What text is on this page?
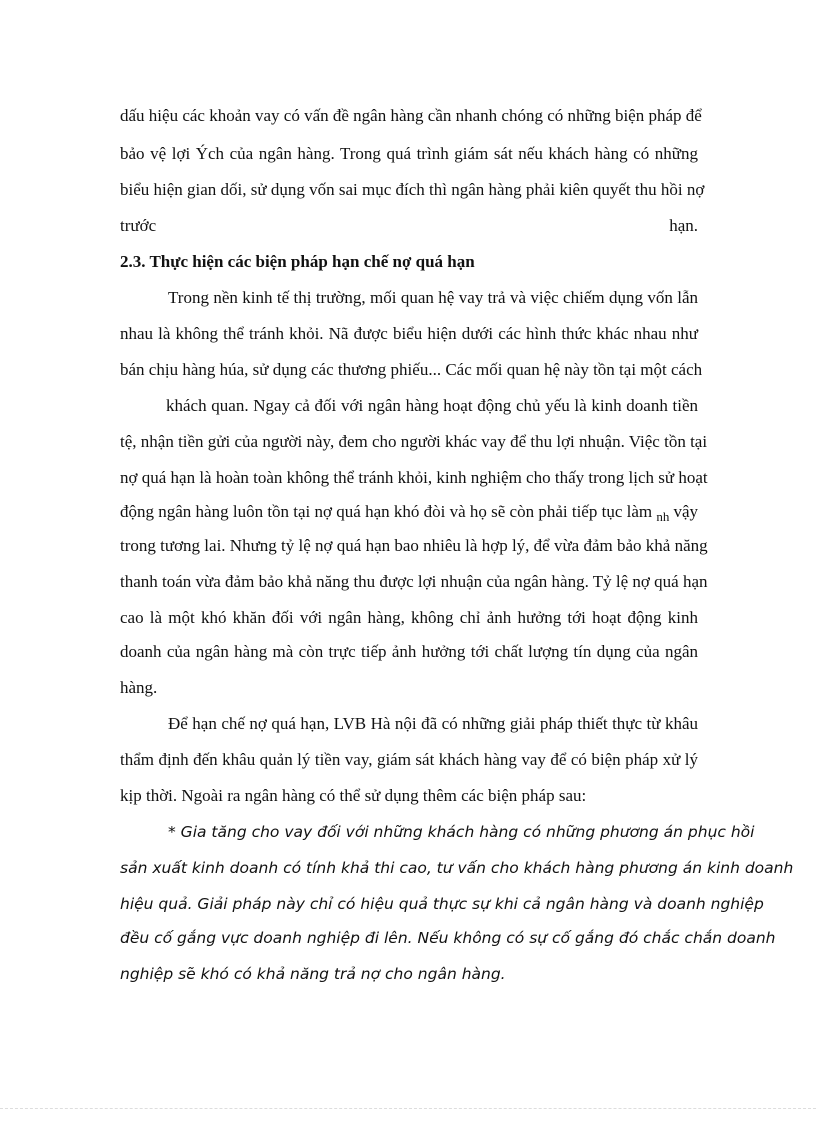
dấu hiệu các khoản vay có vấn đề ngân hàng cần nhanh chóng có những biện pháp để
bảo vệ lợi Ých của ngân hàng. Trong quá trình giám sát nếu khách hàng có những
biểu hiện gian dối, sử dụng vốn sai mục đích thì ngân hàng phải kiên quyết thu hồi nợ
trước	hạn.
2.3. Thực hiện các biện pháp hạn chế nợ quá hạn
Trong nền kinh tế thị trường, mối quan hệ vay trả và việc chiếm dụng vốn lẫn
nhau là không thể tránh khỏi. Nã được biểu hiện dưới các hình thức khác nhau như
bán chịu hàng húa, sử dụng các thương phiếu... Các mối quan hệ này tồn tại một cách
khách quan. Ngay cả đối với ngân hàng hoạt động chủ yếu là kinh doanh tiền
tệ, nhận tiền gửi của người này, đem cho người khác vay để thu lợi nhuận. Việc tồn tại
nợ quá hạn là hoàn toàn không thể tránh khỏi, kinh nghiệm cho thấy trong lịch sử hoạt
động ngân hàng luôn tồn tại nợ quá hạn khó đòi và họ sẽ còn phải tiếp tục làm $_{nh}$ vậy
trong tương lai. Nhưng tỷ lệ nợ quá hạn bao nhiêu là hợp lý, để vừa đảm bảo khả năng
thanh toán vừa đảm bảo khả năng thu được lợi nhuận của ngân hàng. Tỷ lệ nợ quá hạn
cao là một khó khăn đối với ngân hàng, không chỉ ảnh hưởng tới hoạt động kinh
doanh của ngân hàng mà còn trực tiếp ảnh hưởng tới chất lượng tín dụng của ngân
hàng.
Để hạn chế nợ quá hạn, LVB Hà nội đã có những giải pháp thiết thực từ khâu
thẩm định đến khâu quản lý tiền vay, giám sát khách hàng vay để có biện pháp xử lý
kịp thời. Ngoài ra ngân hàng có thể sử dụng thêm các biện pháp sau:
* Gia tăng cho vay đối với những khách hàng có những phương án phục hồi
sản xuất kinh doanh có tính khả thi cao, tư vấn cho khách hàng phương án kinh doanh
hiệu quả. Giải pháp này chỉ có hiệu quả thực sự khi cả ngân hàng và doanh nghiệp
đều cố gắng vực doanh nghiệp đi lên. Nếu không có sự cố gắng đó chắc chắn doanh
nghiệp sẽ khó có khả năng trả nợ cho ngân hàng.
